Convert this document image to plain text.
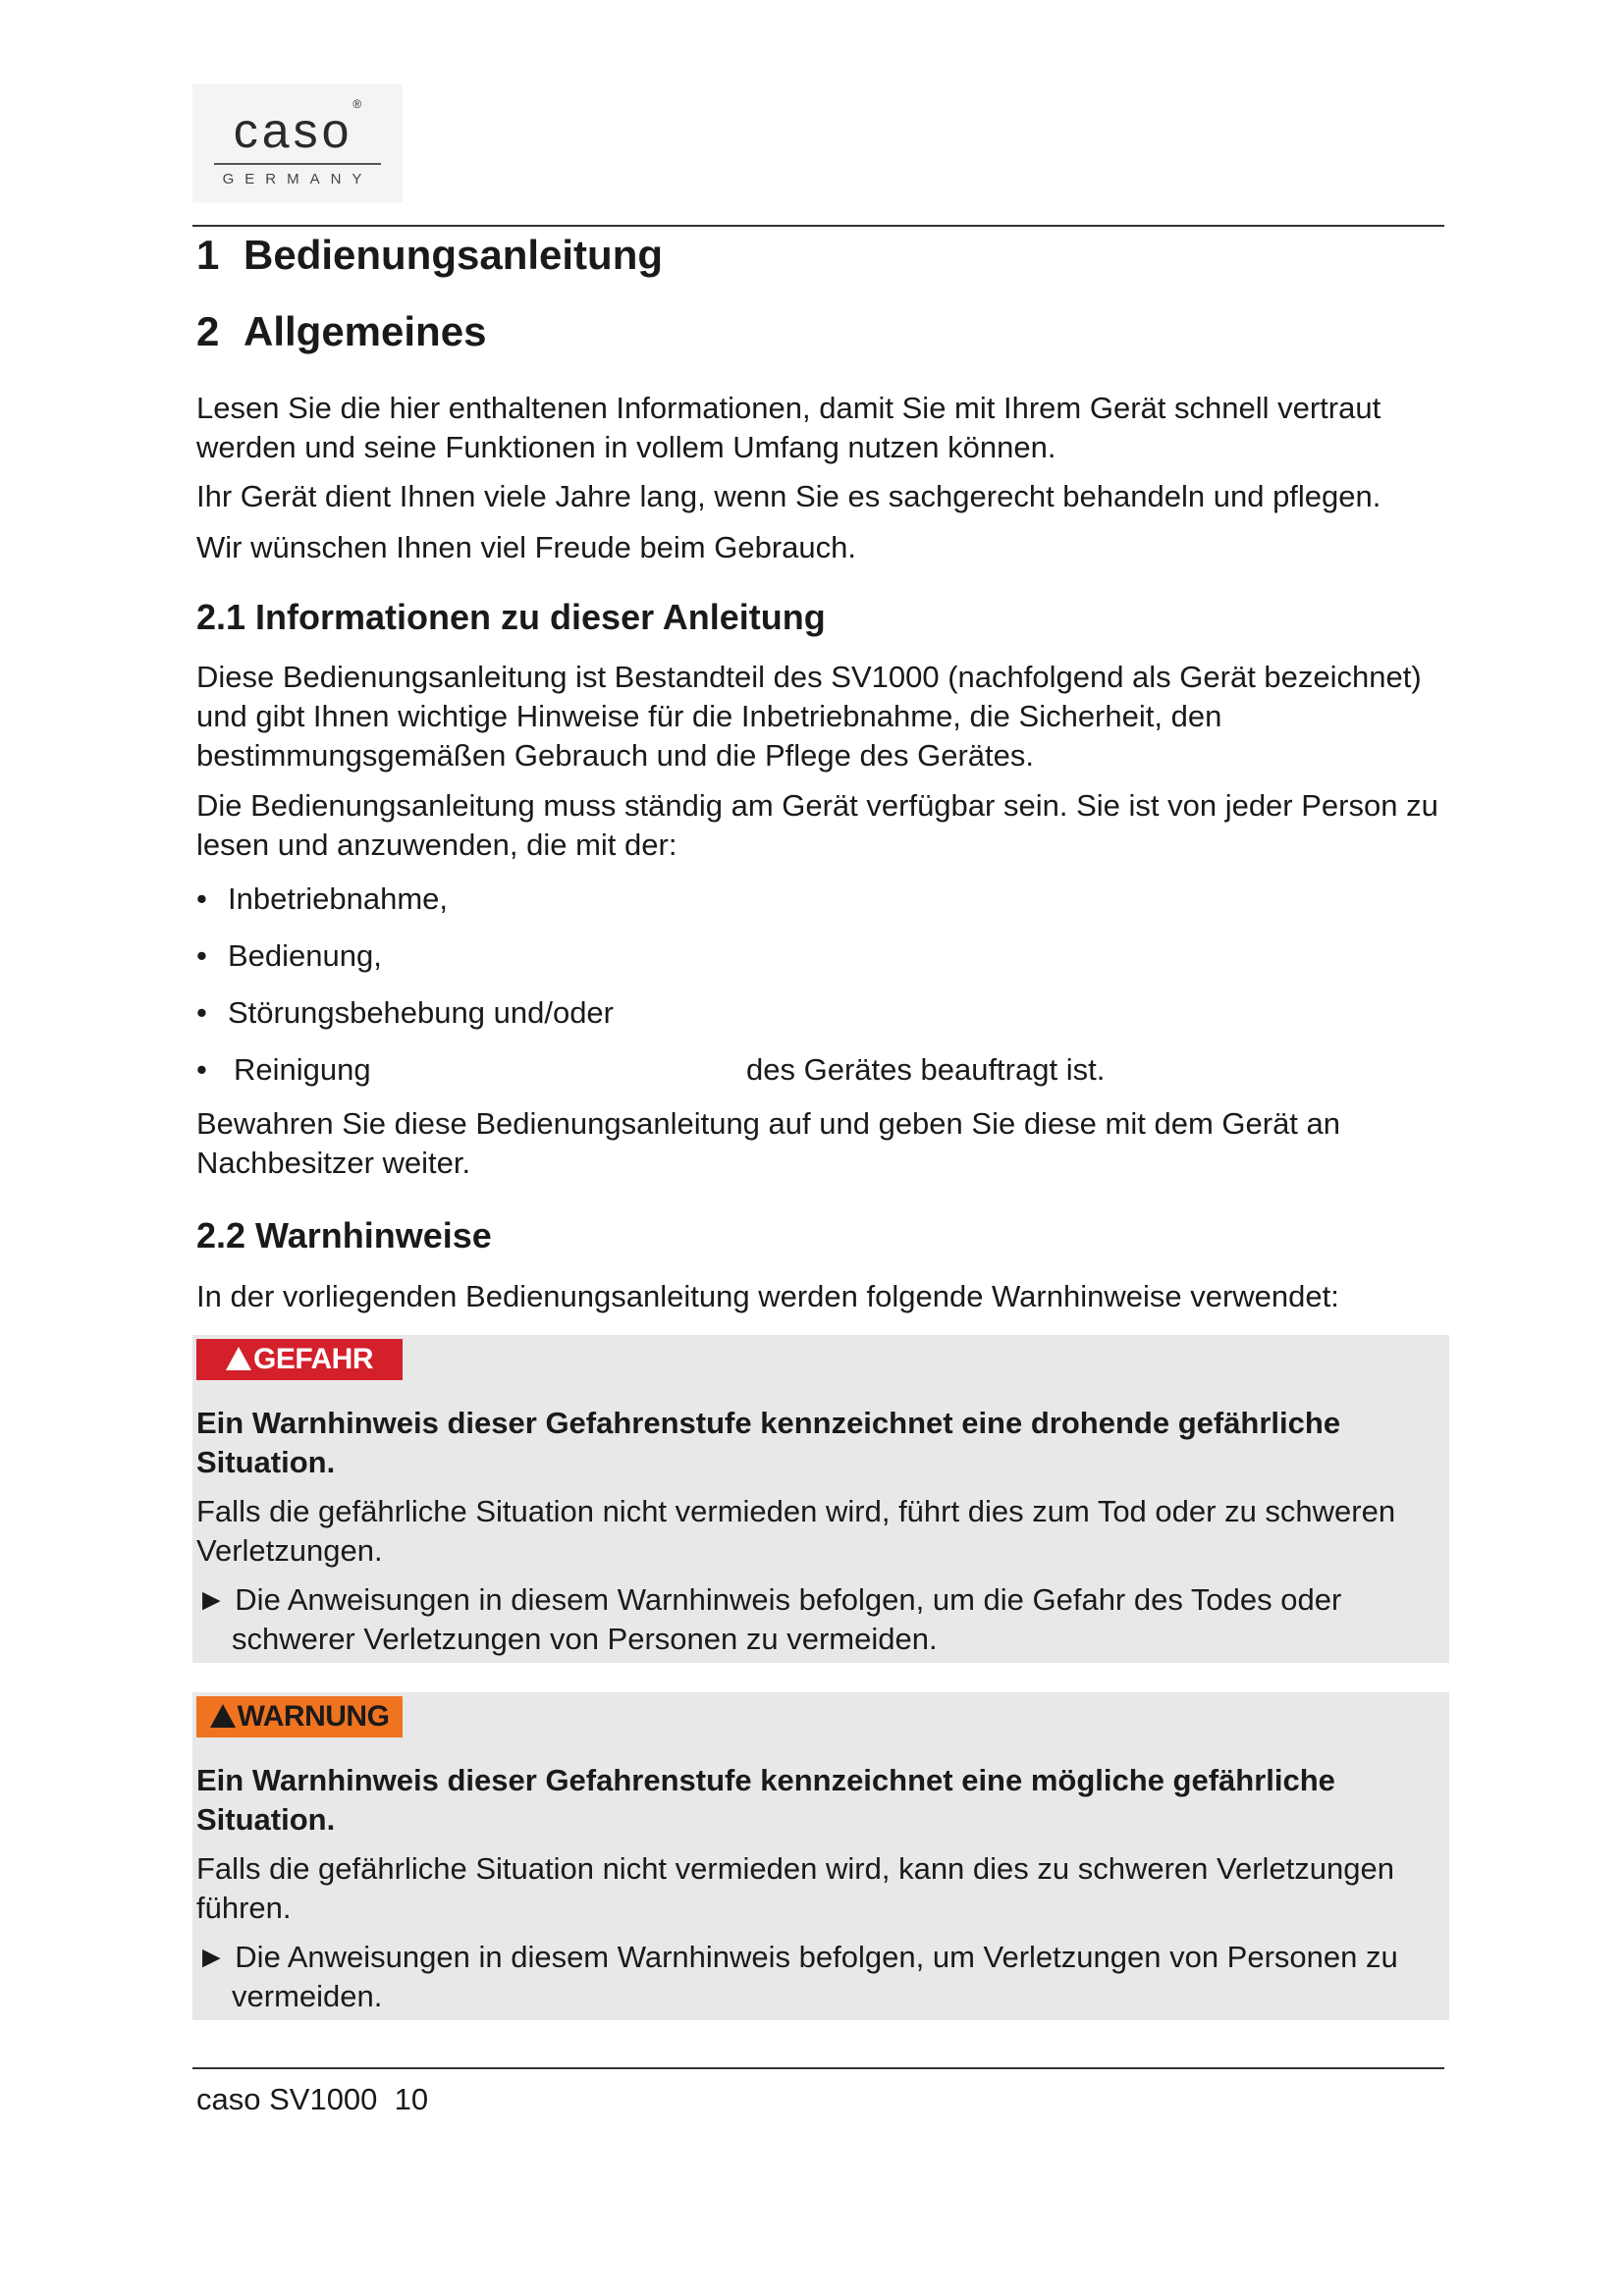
caso®
GERMANY
1 Bedienungsanleitung
2 Allgemeines

Lesen Sie die hier enthaltenen Informationen, damit Sie mit Ihrem Gerät schnell vertraut werden und seine Funktionen in vollem Umfang nutzen können.

Ihr Gerät dient Ihnen viele Jahre lang, wenn Sie es sachgerecht behandeln und pflegen.

Wir wünschen Ihnen viel Freude beim Gebrauch.

2.1 Informationen zu dieser Anleitung

Diese Bedienungsanleitung ist Bestandteil des SV1000 (nachfolgend als Gerät bezeichnet) und gibt Ihnen wichtige Hinweise für die Inbetriebnahme, die Sicherheit, den bestimmungsgemäßen Gebrauch und die Pflege des Gerätes.

Die Bedienungsanleitung muss ständig am Gerät verfügbar sein. Sie ist von jeder Person zu lesen und anzuwenden, die mit der:

• Inbetriebnahme,
• Bedienung,
• Störungsbehebung und/oder
• Reinigung	des Gerätes beauftragt ist.

Bewahren Sie diese Bedienungsanleitung auf und geben Sie diese mit dem Gerät an Nachbesitzer weiter.

2.2 Warnhinweise

In der vorliegenden Bedienungsanleitung werden folgende Warnhinweise verwendet:

GEFAHR

Ein Warnhinweis dieser Gefahrenstufe kennzeichnet eine drohende gefährliche Situation.

Falls die gefährliche Situation nicht vermieden wird, führt dies zum Tod oder zu schweren Verletzungen.

► Die Anweisungen in diesem Warnhinweis befolgen, um die Gefahr des Todes oder schwerer Verletzungen von Personen zu vermeiden.

WARNUNG

Ein Warnhinweis dieser Gefahrenstufe kennzeichnet eine mögliche gefährliche Situation.

Falls die gefährliche Situation nicht vermieden wird, kann dies zu schweren Verletzungen führen.

► Die Anweisungen in diesem Warnhinweis befolgen, um Verletzungen von Personen zu vermeiden.

caso SV1000  10
